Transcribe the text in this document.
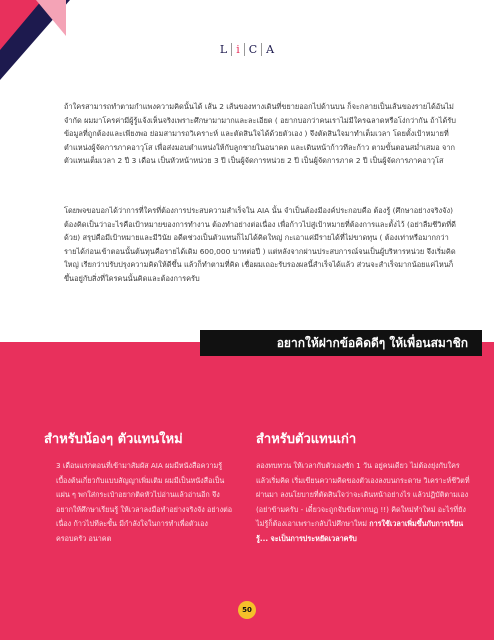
L i C A

ถ้าใครสามารถทำตามกำแพงความคิดนั้นได้ เส้น 2 เส้นของทางเดินที่ขยายออกไปด้านบน ก็จะกลายเป็นเส้นของรายได้อันไม่จำกัด ผมมาโครค่ามีผู้รู้แจ้งเห็นจริงเพราะศึกษามามากและละเอียด ( อยากบอกว่าคนเราไม่มีใครฉลาดหรือโง่กว่ากัน ถ้าได้รับข้อมูลที่ถูกต้องและเพียงพอ ย่อมสามารถวิเคราะห์ และตัดสินใจได้ด้วยตัวเอง ) จึงตัดสินใจมาทำเต็มเวลา โดยตั้งเป้าหมายที่ตำแหน่งผู้จัดการภาคอาวุโส เพื่อส่งมอบตำแหน่งให้กับลูกชายในอนาคต และเดินหน้าก้าวทีละก้าว ตามขั้นตอนสม่ำเสมอ จากตัวแทนเต็มเวลา 2 ปี 3 เดือน เป็นหัวหน้าหน่วย 3 ปี เป็นผู้จัดการหน่วย 2 ปี เป็นผู้จัดการภาค 2 ปี เป็นผู้จัดการภาคอาวุโส

โดยพจขอบอกได้ว่าการที่ใครที่ต้องการประสบความสำเร็จใน AIA นั้น จำเป็นต้องมีองค์ประกอบคือ ต้องรู้ (ศึกษาอย่างจริงจัง) ต้องคิดเป็นว่าอะไรคือเป้าหมายของการทำงาน ต้องทำอย่างต่อเนื่อง เพื่อก้าวไปสู่เป้าหมายที่ต้องการและตั้งไว้ (อย่าลืมชีวิตที่ดีด้วย) สรุปคือมีเป้าหมายและมีวินัย อดีตช่วงเป็นตัวแทนก็ไม่ได้คิดใหญ่ กะเอาแค่มีรายได้ที่ไม่ขาดทุน ( ต้องเท่าหรือมากกว่ารายได้ก่อนเข้าตอนนั้นต้นทุนคือรายได้เดิม 600,000 บาทต่อปี ) แต่หลังจากผ่านประสบการณ์จนเป็นผู้บริหารหน่วย จึงเริ่มคิดใหญ่ เรียกว่าปรับปรุงความคิดให้ดีขึ้น แล้วก็ทำตามที่คิด เชื่อผมเถอะรับรองผลนี้สำเร็จได้แล้ว ส่วนจะสำเร็จมากน้อยแค่ไหนก็ขึ้นอยู่กับสิ่งที่ใครคนนั้นคิดและต้องการครับ

อยากให้ฝากข้อคิดดีๆ ให้เพื่อนสมาชิก
สำหรับน้องๆ ตัวแทนใหม่
3 เดือนแรกตอนที่เข้ามาสัมผัส AIA ผมมีหนังสือความรู้เบื้องต้นเกี่ยวกับแบบสัญญาเพิ่มเติม ผมมีเป็นหนังสือเป็นแผ่น ๆ พกใส่กระเป๋าอยากติดหัวไปอ่านแล้วอ่านอีก จึงอยากให้ศึกษาเรียนรู้ ให้เวลาลงมือทำอย่างจริงจัง อย่างต่อเนื่อง ก้าวไปทีละขั้น มีกำลังใจในการทำเพื่อตัวเองครอบครัว อนาคต
สำหรับตัวแทนเก่า
ลองทบทวน ให้เวลากับตัวเองซัก 1 วัน อยู่คนเดียว ไม่ต้องยุ่งกับใคร แล้วเริ่มคิด เริ่มเขียนความคิดของตัวเองลงบนกระดาษ วิเคราะห์ชีวิตที่ผ่านมา ลงนโยบายที่ตัดสินใจว่าจะเดินหน้าอย่างไร แล้วปฏิบัติตามเอง (อย่าข้ามครับ - เดี๋ยวจะถูกจับข้อหากบฏ !!) คิดใหม่ทำใหม่ อะไรที่ยังไม่รู้ก็ต้องเอาเพราะกลับไปศึกษาใหม่ การใช้เวลาเพิ่มขึ้นกับการเรียนรู้... จะเป็นการประหยัดเวลาครับ
50
